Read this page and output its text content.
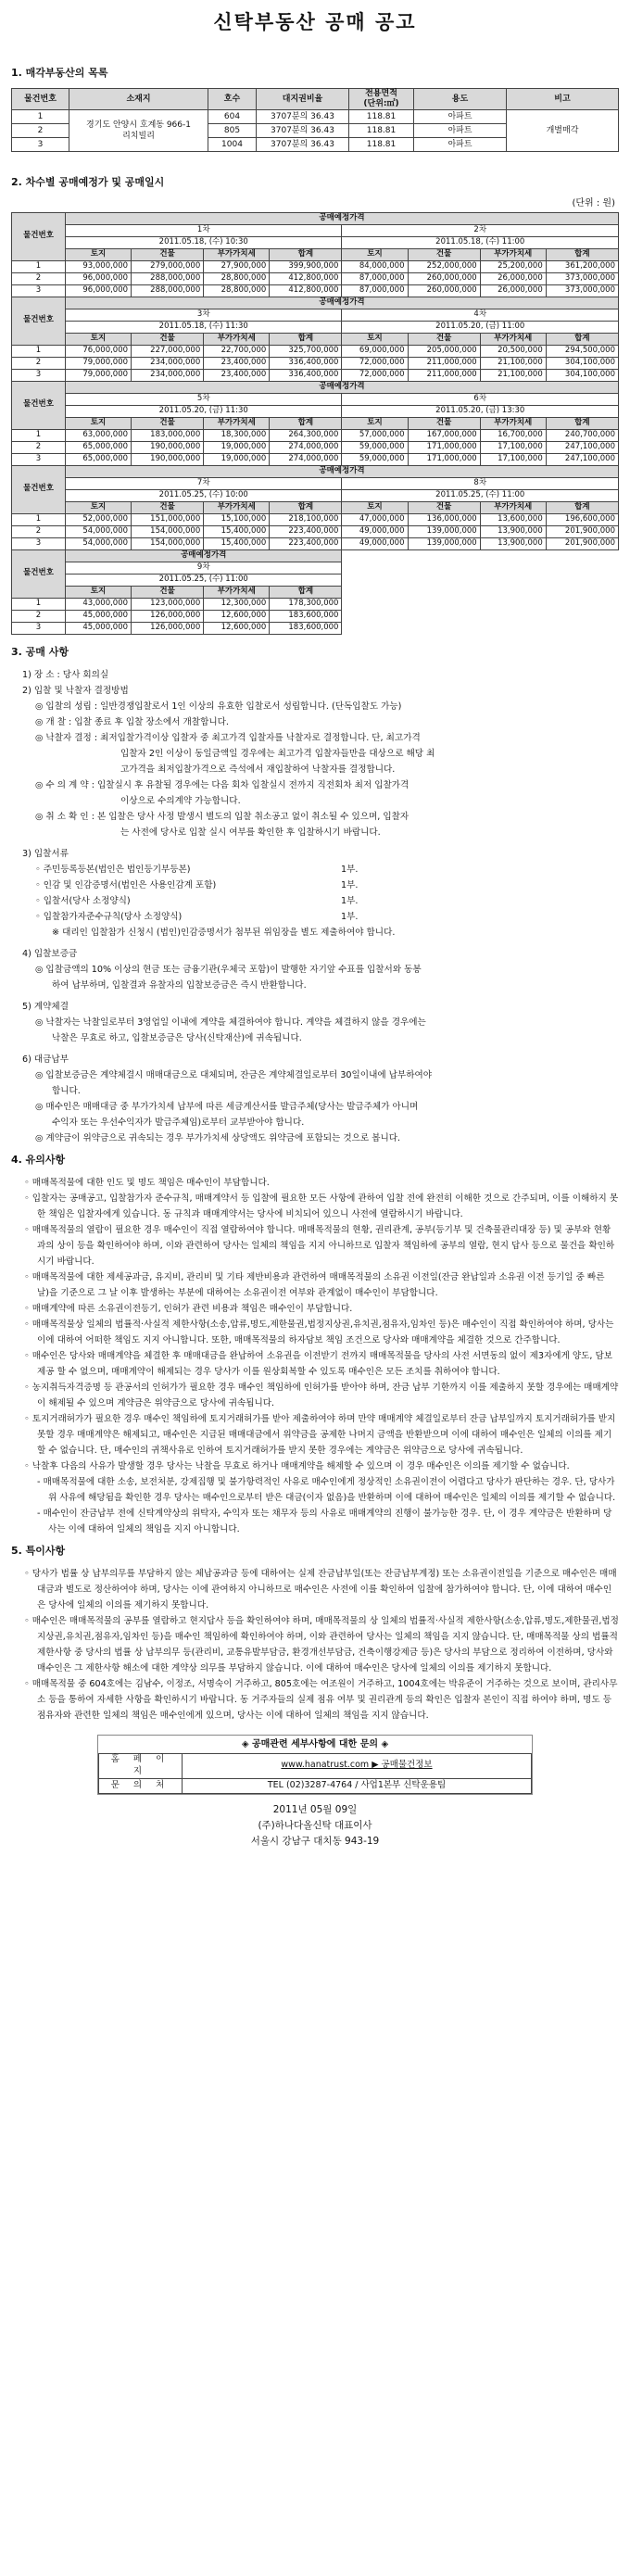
신탁부동산 공매 공고
1. 매각부동산의 목록
물건번호	소재지	호수	대지권비율	전용면적
(단위:㎡)	용도	비고
1	경기도 안양시 호계동 966-1
리치빌리	604	3707분의 36.43	118.81	아파트	개별매각
2		805	3707분의 36.43	118.81	아파트	
3		1004	3707분의 36.43	118.81	아파트	
2. 차수별 공매예정가 및 공매일시
(단위 : 원)
물건번호	공매예정가격							
	1차				2차			
	2011.05.18, (수) 10:30				2011.05.18, (수) 11:00			
	토지	건물	부가가치세	합계	토지	건물	부가가치세	합계
1	93,000,000	279,000,000	27,900,000	399,900,000	84,000,000	252,000,000	25,200,000	361,200,000
2	96,000,000	288,000,000	28,800,000	412,800,000	87,000,000	260,000,000	26,000,000	373,000,000
3	96,000,000	288,000,000	28,800,000	412,800,000	87,000,000	260,000,000	26,000,000	373,000,000
물건번호	공매예정가격							
	3차				4차			
	2011.05.18, (수) 11:30				2011.05.20, (금) 11:00			
	토지	건물	부가가치세	합계	토지	건물	부가가치세	합계
1	76,000,000	227,000,000	22,700,000	325,700,000	69,000,000	205,000,000	20,500,000	294,500,000
2	79,000,000	234,000,000	23,400,000	336,400,000	72,000,000	211,000,000	21,100,000	304,100,000
3	79,000,000	234,000,000	23,400,000	336,400,000	72,000,000	211,000,000	21,100,000	304,100,000
물건번호	공매예정가격							
	5차				6차			
	2011.05.20, (금) 11:30				2011.05.20, (금) 13:30			
	토지	건물	부가가치세	합계	토지	건물	부가가치세	합계
1	63,000,000	183,000,000	18,300,000	264,300,000	57,000,000	167,000,000	16,700,000	240,700,000
2	65,000,000	190,000,000	19,000,000	274,000,000	59,000,000	171,000,000	17,100,000	247,100,000
3	65,000,000	190,000,000	19,000,000	274,000,000	59,000,000	171,000,000	17,100,000	247,100,000
물건번호	공매예정가격							
	7차				8차			
	2011.05.25, (수) 10:00				2011.05.25, (수) 11:00			
	토지	건물	부가가치세	합계	토지	건물	부가가치세	합계
1	52,000,000	151,000,000	15,100,000	218,100,000	47,000,000	136,000,000	13,600,000	196,600,000
2	54,000,000	154,000,000	15,400,000	223,400,000	49,000,000	139,000,000	13,900,000	201,900,000
3	54,000,000	154,000,000	15,400,000	223,400,000	49,000,000	139,000,000	13,900,000	201,900,000
물건번호	공매예정가격							
	9차							
	2011.05.25, (수) 11:00							
	토지	건물	부가가치세	합계				
1	43,000,000	123,000,000	12,300,000	178,300,000				
2	45,000,000	126,000,000	12,600,000	183,600,000				
3	45,000,000	126,000,000	12,600,000	183,600,000				
3. 공매 사항

1) 장 소 : 당사 회의실

2) 입찰 및 낙찰자 결정방법

◎ 입찰의 성립 : 일반경쟁입찰로서 1인 이상의 유효한 입찰로서 성립합니다. (단독입찰도 가능)

◎ 개 찰 : 입찰 종료 후 입찰 장소에서 개찰합니다.

◎ 낙찰자 결정 : 최저입찰가격이상 입찰자 중 최고가격 입찰자를 낙찰자로 결정합니다. 단, 최고가격

입찰자 2인 이상이 동일금액일 경우에는 최고가격 입찰자들만을 대상으로 해당 최

고가격을 최저입찰가격으로 즉석에서 재입찰하여 낙찰자를 결정합니다.

◎ 수 의 계 약 : 입찰실시 후 유찰될 경우에는 다음 회차 입찰실시 전까지 직전회차 최저 입찰가격

이상으로 수의계약 가능합니다.

◎ 취 소 확 인 : 본 입찰은 당사 사정 발생시 별도의 입찰 취소공고 없이 취소될 수 있으며, 입찰자

는 사전에 당사로 입찰 실시 여부를 확인한 후 입찰하시기 바랍니다.

3) 입찰서류

◦ 주민등록등본(법인은 법인등기부등본)	1부.
◦ 인감 및 인감증명서(법인은 사용인감계 포함)	1부.
◦ 입찰서(당사 소정양식)	1부.
◦ 입찰참가자준수규칙(당사 소정양식)	1부.

※ 대리인 입찰참가 신청시 (법인)인감증명서가 첨부된 위임장을 별도 제출하여야 합니다.

4) 입찰보증금

◎ 입찰금액의 10% 이상의 현금 또는 금융기관(우체국 포함)이 발행한 자기앞 수표를 입찰서와 동봉

하여 납부하며, 입찰결과 유찰자의 입찰보증금은 즉시 반환합니다.

5) 계약체결

◎ 낙찰자는 낙찰일로부터 3영업일 이내에 계약을 체결하여야 합니다. 계약을 체결하지 않을 경우에는

낙찰은 무효로 하고, 입찰보증금은 당사(신탁재산)에 귀속됩니다.

6) 대금납부

◎ 입찰보증금은 계약체결시 매매대금으로 대체되며, 잔금은 계약체결일로부터 30일이내에 납부하여야

합니다.

◎ 매수인은 매매대금 중 부가가치세 납부에 따른 세금계산서를 발급주체(당사는 발급주체가 아니며

수익자 또는 우선수익자가 발급주체임)로부터 교부받아야 합니다.

◎ 계약금이 위약금으로 귀속되는 경우 부가가치세 상당액도 위약금에 포함되는 것으로 봅니다.

4. 유의사항

◦ 매매목적물에 대한 인도 및 명도 책임은 매수인이 부담합니다.

◦ 입찰자는 공매공고, 입찰참가자 준수규칙, 매매계약서 등 입찰에 필요한 모든 사항에 관하여 입찰 전에 완전히 이해한 것으로 간주되며, 이를 이해하지 못한 책임은 입찰자에게 있습니다. 동 규칙과 매매계약서는 당사에 비치되어 있으니 사전에 열람하시기 바랍니다.

◦ 매매목적물의 열람이 필요한 경우 매수인이 직접 열람하여야 합니다. 매매목적물의 현황, 권리관계, 공부(등기부 및 건축물관리대장 등) 및 공부와 현황과의 상이 등을 확인하여야 하며, 이와 관련하여 당사는 일체의 책임을 지지 아니하므로 입찰자 책임하에 공부의 열람, 현지 답사 등으로 물건을 확인하시기 바랍니다.

◦ 매매목적물에 대한 제세공과금, 유지비, 관리비 및 기타 제반비용과 관련하여 매매목적물의 소유권 이전일(잔금 완납일과 소유권 이전 등기일 중 빠른 날)을 기준으로 그 날 이후 발생하는 부분에 대하여는 소유권이전 여부와 관계없이 매수인이 부담합니다.

◦ 매매계약에 따른 소유권이전등기, 인허가 관련 비용과 책임은 매수인이 부담합니다.

◦ 매매목적물상 일체의 법률적·사실적 제한사항(소송,압류,명도,제한물권,법정지상권,유치권,점유자,임차인 등)은 매수인이 직접 확인하여야 하며, 당사는 이에 대하여 어떠한 책임도 지지 아니합니다. 또한, 매매목적물의 하자담보 책임 조건으로 당사와 매매계약을 체결한 것으로 간주합니다.

◦ 매수인은 당사와 매매계약을 체결한 후 매매대금을 완납하여 소유권을 이전받기 전까지 매매목적물을 당사의 사전 서면동의 없이 제3자에게 양도, 담보제공 할 수 없으며, 매매계약이 해제되는 경우 당사가 이를 원상회복할 수 있도록 매수인은 모든 조치를 취하여야 합니다.

◦ 농지취득자격증명 등 관공서의 인허가가 필요한 경우 매수인 책임하에 인허가를 받아야 하며, 잔금 납부 기한까지 이를 제출하지 못할 경우에는 매매계약이 해제될 수 있으며 계약금은 위약금으로 당사에 귀속됩니다.

◦ 토지거래허가가 필요한 경우 매수인 책임하에 토지거래허가를 받아 제출하여야 하며 만약 매매계약 체결일로부터 잔금 납부일까지 토지거래허가를 받지 못할 경우 매매계약은 해제되고, 매수인은 지급된 매매대금에서 위약금을 공제한 나머지 금액을 반환받으며 이에 대하여 매수인은 일체의 이의를 제기할 수 없습니다. 단, 매수인의 귀책사유로 인하여 토지거래허가를 받지 못한 경우에는 계약금은 위약금으로 당사에 귀속됩니다.

◦ 낙찰후 다음의 사유가 발생할 경우 당사는 낙찰을 무효로 하거나 매매계약을 해제할 수 있으며 이 경우 매수인은 이의를 제기할 수 없습니다.

- 매매목적물에 대한 소송, 보전처분, 강제집행 및 불가항력적인 사유로 매수인에게 정상적인 소유권이전이 어렵다고 당사가 판단하는 경우. 단, 당사가 위 사유에 해당됨을 확인한 경우 당사는 매수인으로부터 받은 대금(이자 없음)을 반환하며 이에 대하여 매수인은 일체의 이의를 제기할 수 없습니다.

- 매수인이 잔금납부 전에 신탁계약상의 위탁자, 수익자 또는 채무자 등의 사유로 매매계약의 진행이 불가능한 경우. 단, 이 경우 계약금은 반환하며 당사는 이에 대하여 일체의 책임을 지지 아니합니다.

5. 특이사항

◦ 당사가 법률 상 납부의무를 부담하지 않는 체납공과금 등에 대하여는 실제 잔금납부일(또는 잔금납부계정) 또는 소유권이전일을 기준으로 매수인은 매매대금과 별도로 정산하여야 하며, 당사는 이에 관여하지 아니하므로 매수인은 사전에 이를 확인하여 입찰에 참가하여야 합니다. 단, 이에 대하여 매수인은 당사에 일체의 이의를 제기하지 못합니다.

◦ 매수인은 매매목적물의 공부를 열람하고 현지답사 등을 확인하여야 하며, 매매목적물의 상 일체의 법률적·사실적 제한사항(소송,압류,명도,제한물권,법정지상권,유치권,점유자,임차인 등)을 매수인 책임하에 확인하여야 하며, 이와 관련하여 당사는 일체의 책임을 지지 않습니다. 단, 매매목적물 상의 법률적 제한사항 중 당사의 법률 상 납부의무 등(관리비, 교통유발부담금, 환경개선부담금, 건축이행강제금 등)은 당사의 부담으로 정리하여 이전하며, 당사와 매수인은 그 제한사항 해소에 대한 계약상 의무를 부담하지 않습니다. 이에 대하여 매수인은 당사에 일체의 이의를 제기하지 못합니다.

◦ 매매목적물 중 604호에는 김남수, 이정조, 서명숙이 거주하고, 805호에는 여조원이 거주하고, 1004호에는 박유준이 거주하는 것으로 보이며, 관리사무소 등을 통하여 자세한 사항을 확인하시기 바랍니다. 동 거주자들의 실제 점유 여부 및 권리관계 등의 확인은 입찰자 본인이 직접 하여야 하며, 명도 등 점유자와 관련한 일체의 책임은 매수인에게 있으며, 당사는 이에 대하여 일체의 책임을 지지 않습니다.

◈ 공매관련 세부사항에 대한 문의 ◈
홈 페 이 지	www.hanatrust.com ▶ 공매물건정보
문 의 처	TEL (02)3287-4764 / 사업1본부 신탁운용팀
2011년 05월 09일
(주)하나다올신탁 대표이사
서울시 강남구 대치동 943-19
